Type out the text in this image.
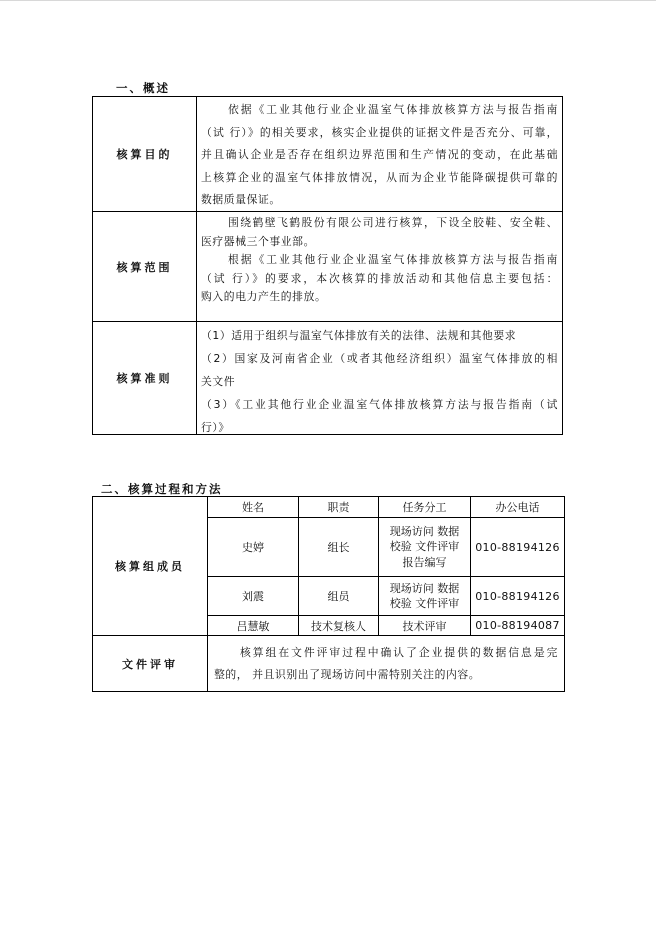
一、概述
核算目的
依据《工业其他行业企业温室气体排放核算方法与报告指南
（试 行）》的相关要求，核实企业提供的证据文件是否充分、可靠，
并且确认企业是否存在组织边界范围和生产情况的变动，在此基础
上核算企业的温室气体排放情况，从而为企业节能降碳提供可靠的
数据质量保证。
核算范围
围绕鹤壁飞鹤股份有限公司进行核算，下设全胶鞋、安全鞋、
医疗器械三个事业部。
根据《工业其他行业企业温室气体排放核算方法与报告指南
（试 行）》的要求，本次核算的排放活动和其他信息主要包括：
购入的电力产生的排放。
核算准则
（1）适用于组织与温室气体排放有关的法律、法规和其他要求
（2）国家及河南省企业（或者其他经济组织）温室气体排放的相
关文件
（3）《工业其他行业企业温室气体排放核算方法与报告指南（试
行）》
二、核算过程和方法
核算组成员
姓名	职责	任务分工	办公电话
史婷	组长
现场访问 数据
校验 文件评审
报告编写
010-88194126
刘震	组员
现场访问 数据
校验 文件评审
010-88194126
吕慧敏	技术复核人	技术评审	010-88194087
文件评审
核算组在文件评审过程中确认了企业提供的数据信息是完
整的， 并且识别出了现场访问中需特别关注的内容。
